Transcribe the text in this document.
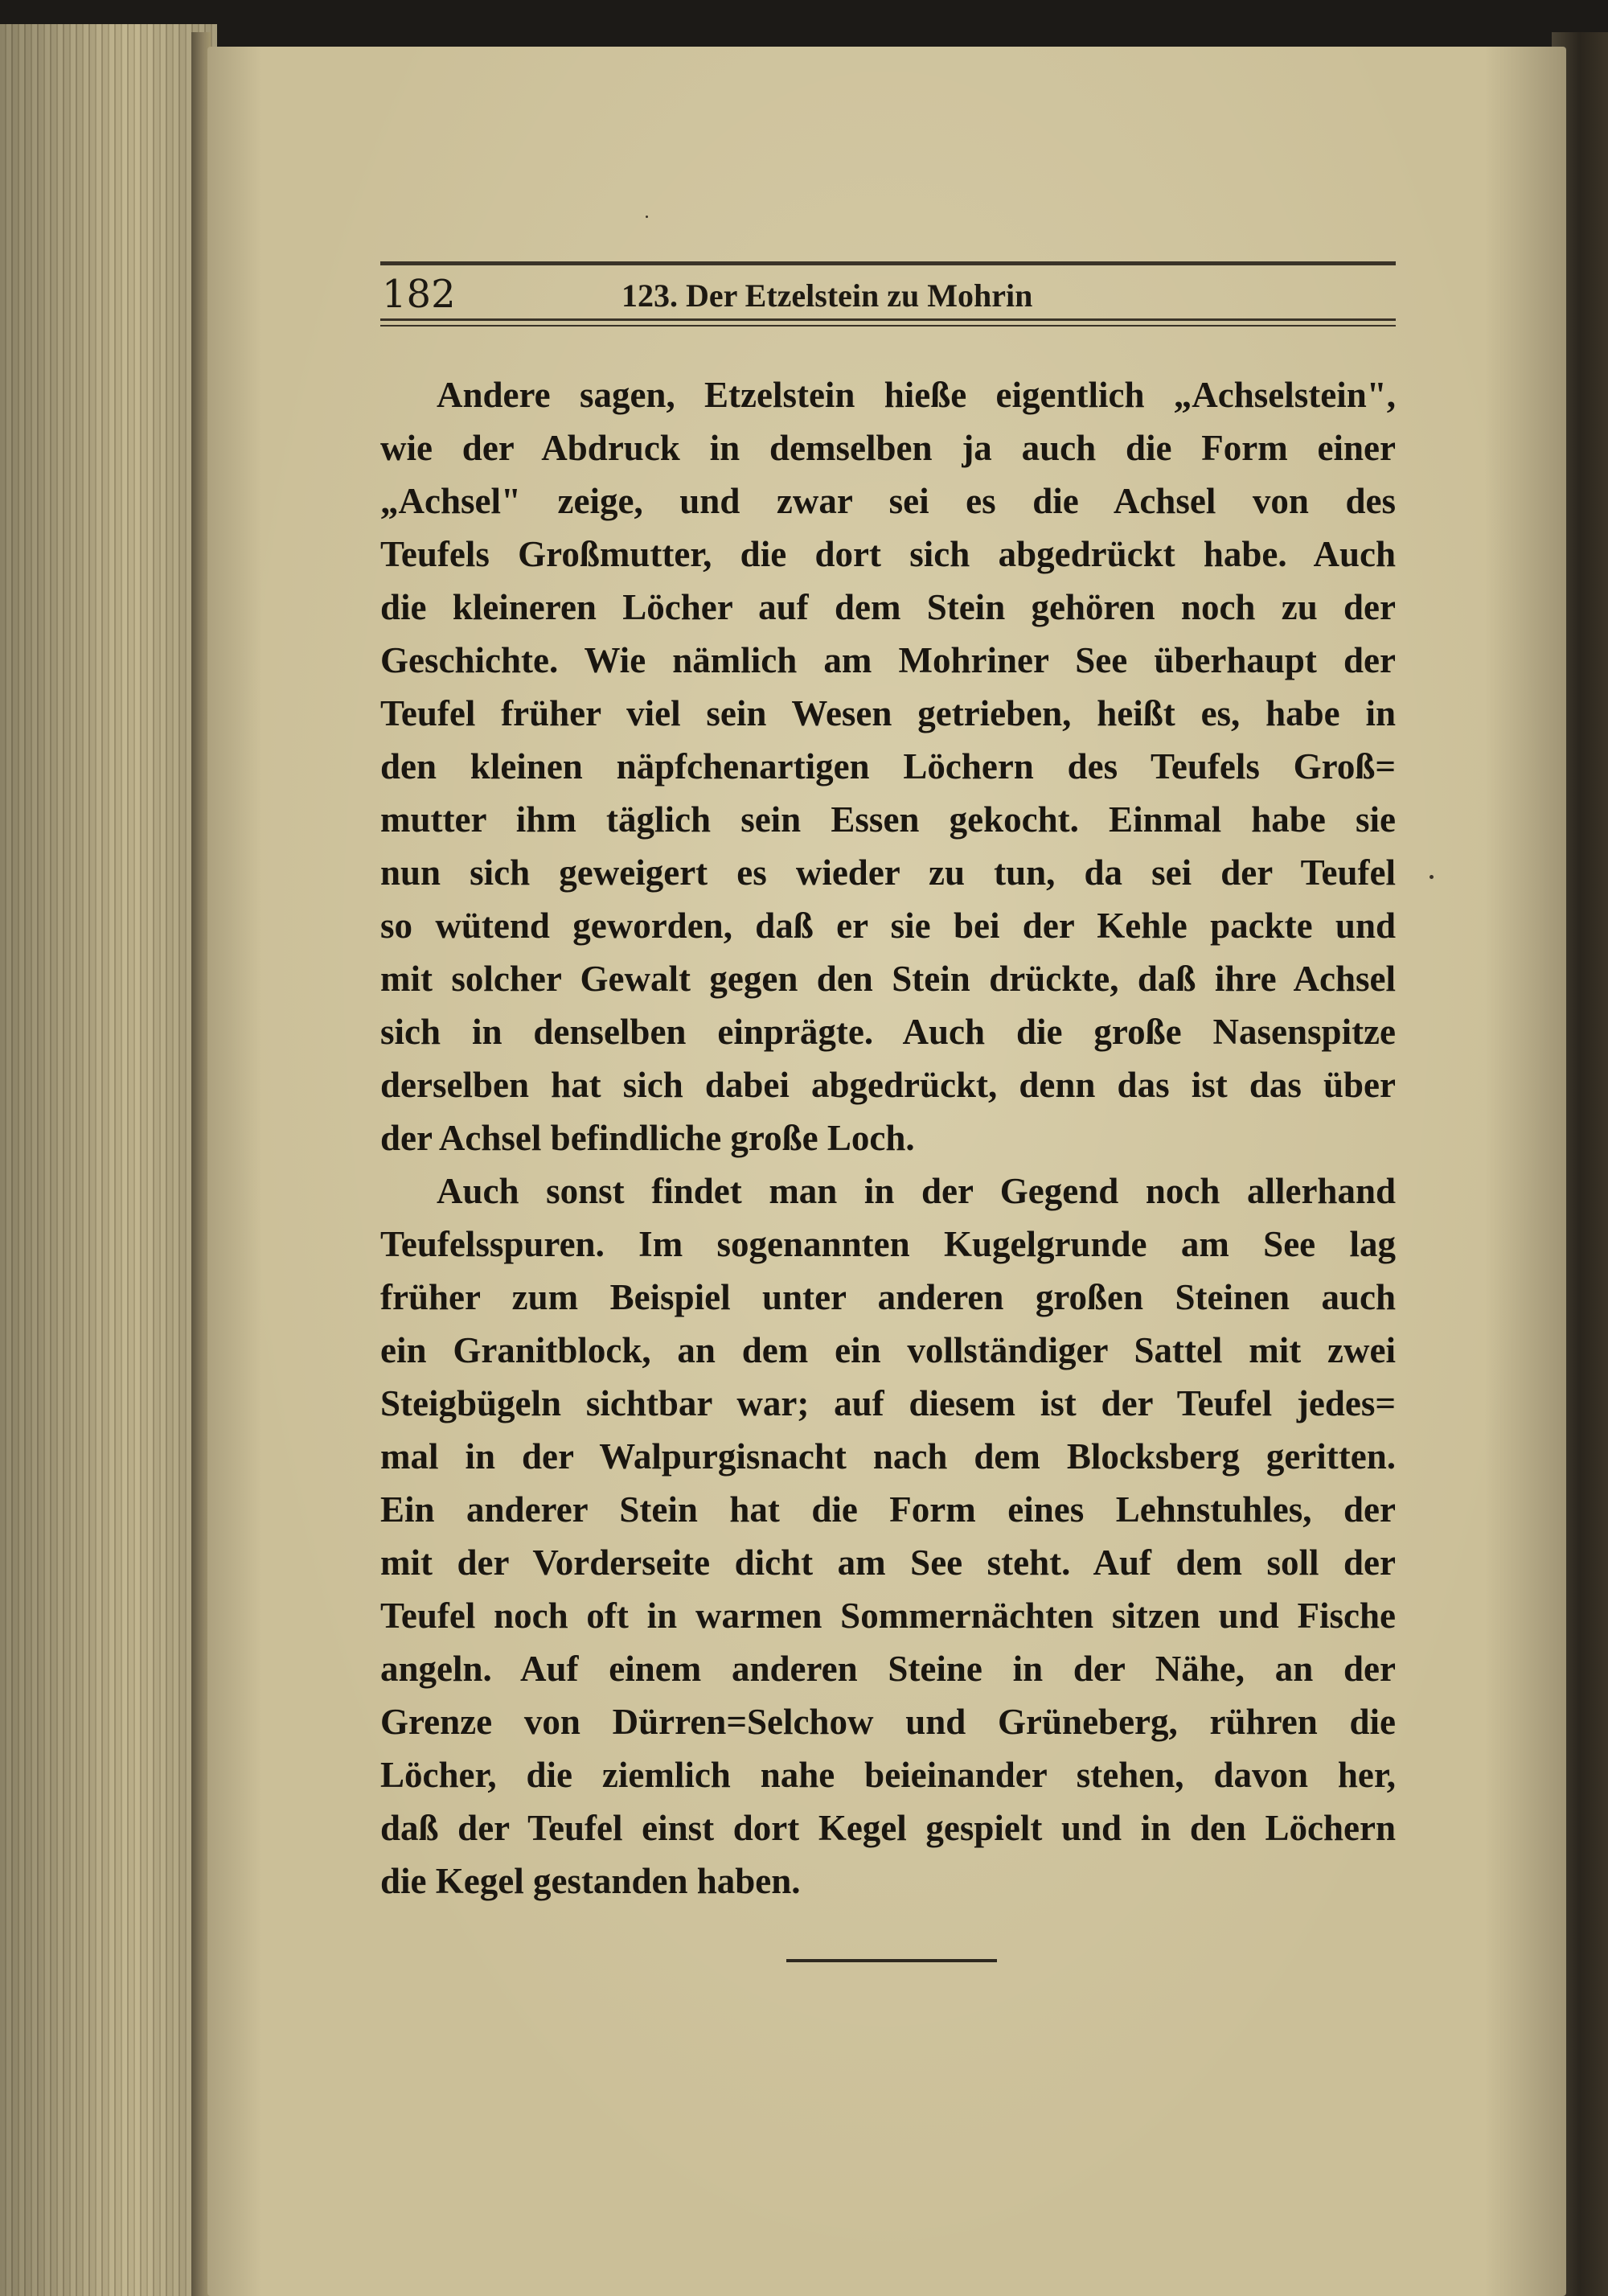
182	123. Der Etzelstein zu Mohrin
Andere sagen, Etzelstein hieße eigentlich „Achselstein",
wie der Abdruck in demselben ja auch die Form einer
„Achsel" zeige, und zwar sei es die Achsel von des
Teufels Großmutter, die dort sich abgedrückt habe. Auch
die kleineren Löcher auf dem Stein gehören noch zu der
Geschichte. Wie nämlich am Mohriner See überhaupt der
Teufel früher viel sein Wesen getrieben, heißt es, habe in
den kleinen näpfchenartigen Löchern des Teufels Groß=
mutter ihm täglich sein Essen gekocht. Einmal habe sie
nun sich geweigert es wieder zu tun, da sei der Teufel
so wütend geworden, daß er sie bei der Kehle packte und
mit solcher Gewalt gegen den Stein drückte, daß ihre Achsel
sich in denselben einprägte. Auch die große Nasenspitze
derselben hat sich dabei abgedrückt, denn das ist das über
der Achsel befindliche große Loch.
Auch sonst findet man in der Gegend noch allerhand
Teufelsspuren. Im sogenannten Kugelgrunde am See lag
früher zum Beispiel unter anderen großen Steinen auch
ein Granitblock, an dem ein vollständiger Sattel mit zwei
Steigbügeln sichtbar war; auf diesem ist der Teufel jedes=
mal in der Walpurgisnacht nach dem Blocksberg geritten.
Ein anderer Stein hat die Form eines Lehnstuhles, der
mit der Vorderseite dicht am See steht. Auf dem soll der
Teufel noch oft in warmen Sommernächten sitzen und Fische
angeln. Auf einem anderen Steine in der Nähe, an der
Grenze von Dürren=Selchow und Grüneberg, rühren die
Löcher, die ziemlich nahe beieinander stehen, davon her,
daß der Teufel einst dort Kegel gespielt und in den Löchern
die Kegel gestanden haben.
